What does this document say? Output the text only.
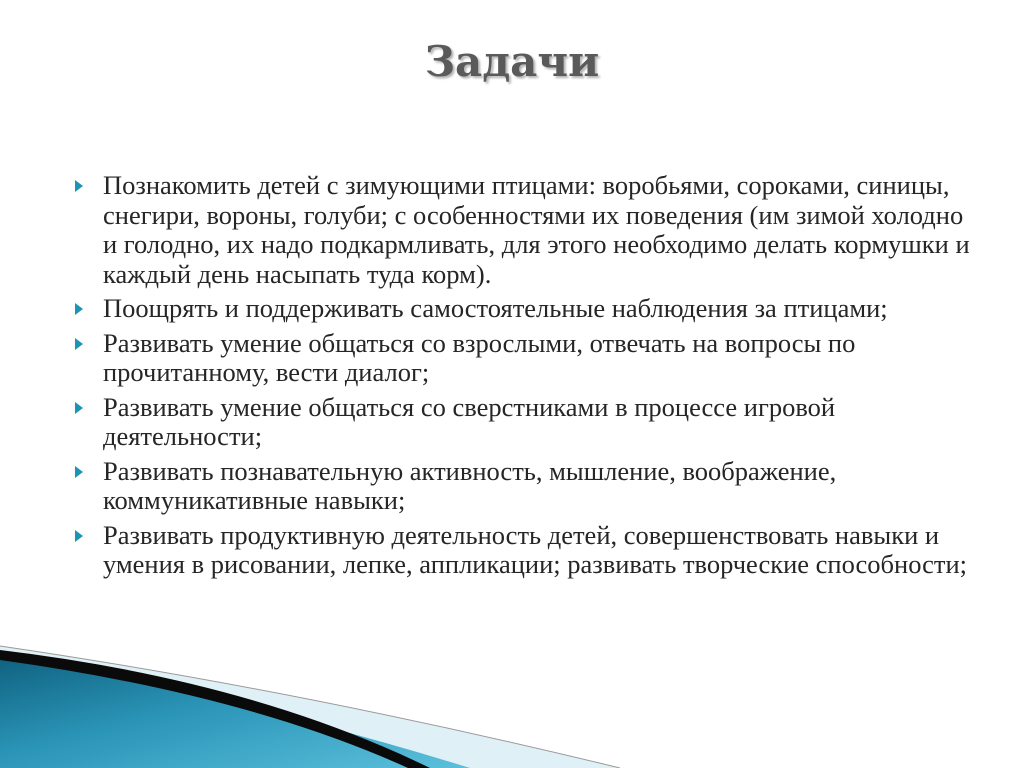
Задачи
Познакомить детей с зимующими птицами: воробьями, сороками, синицы, снегири, вороны, голуби; с особенностями их поведения (им зимой холодно и голодно, их надо подкармливать, для этого необходимо делать кормушки и каждый день насыпать туда корм).
Поощрять и поддерживать самостоятельные наблюдения за птицами;
Развивать умение общаться со взрослыми, отвечать на вопросы по прочитанному, вести диалог;
Развивать умение общаться со сверстниками в процессе игровой деятельности;
Развивать познавательную активность, мышление, воображение, коммуникативные навыки;
Развивать продуктивную деятельность детей, совершенствовать навыки и умения в рисовании, лепке, аппликации; развивать творческие способности;
